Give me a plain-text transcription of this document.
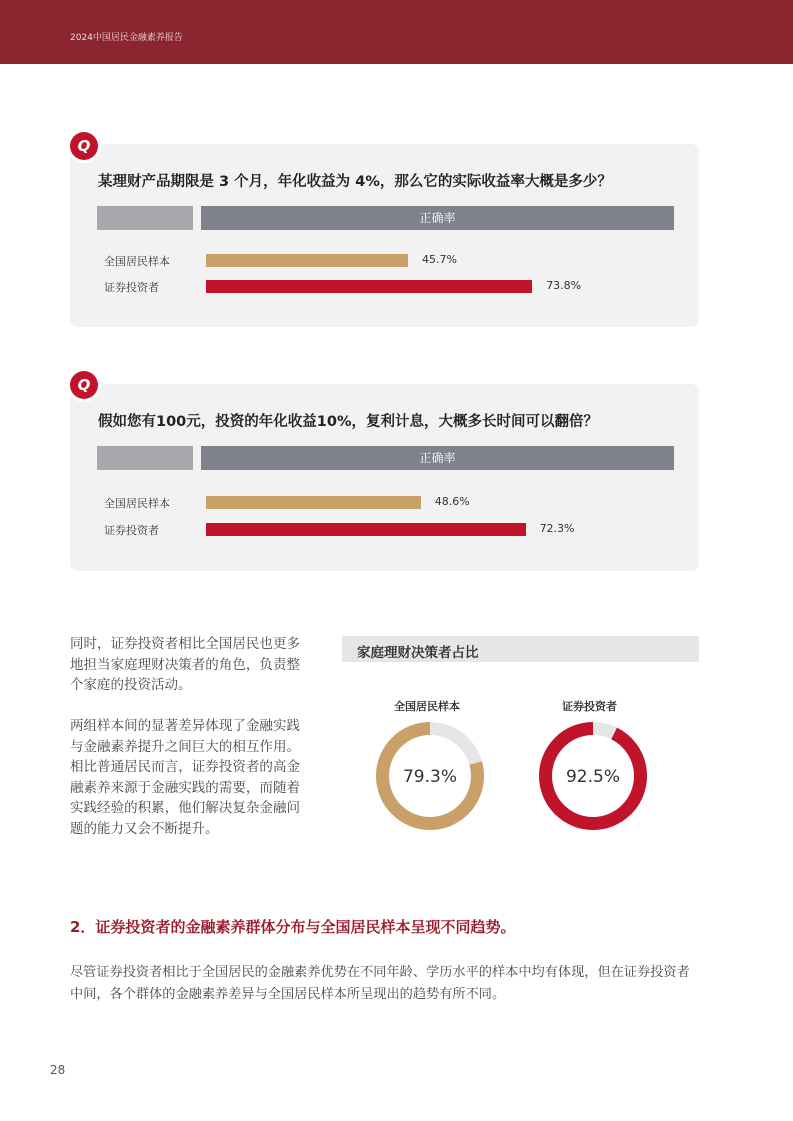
2024中国居民金融素养报告
某理财产品期限是 3 个月，年化收益为 4%，那么它的实际收益率大概是多少？
正确率
全国居民样本	45.7%
证券投资者	73.8%
Q
假如您有100元，投资的年化收益10%，复利计息，大概多长时间可以翻倍？
正确率
全国居民样本	48.6%
证券投资者	72.3%
Q

同时，证券投资者相比全国居民也更多地担当家庭理财决策者的角色，负责整个家庭的投资活动。

两组样本间的显著差异体现了金融实践与金融素养提升之间巨大的相互作用。相比普通居民而言，证券投资者的高金融素养来源于金融实践的需要，而随着实践经验的积累，他们解决复杂金融问题的能力又会不断提升。

家庭理财决策者占比
全国居民样本	证券投资者
79.3%	92.5%
2．证券投资者的金融素养群体分布与全国居民样本呈现不同趋势。

尽管证券投资者相比于全国居民的金融素养优势在不同年龄、学历水平的样本中均有体现，但在证券投资者中间，各个群体的金融素养差异与全国居民样本所呈现出的趋势有所不同。

28
